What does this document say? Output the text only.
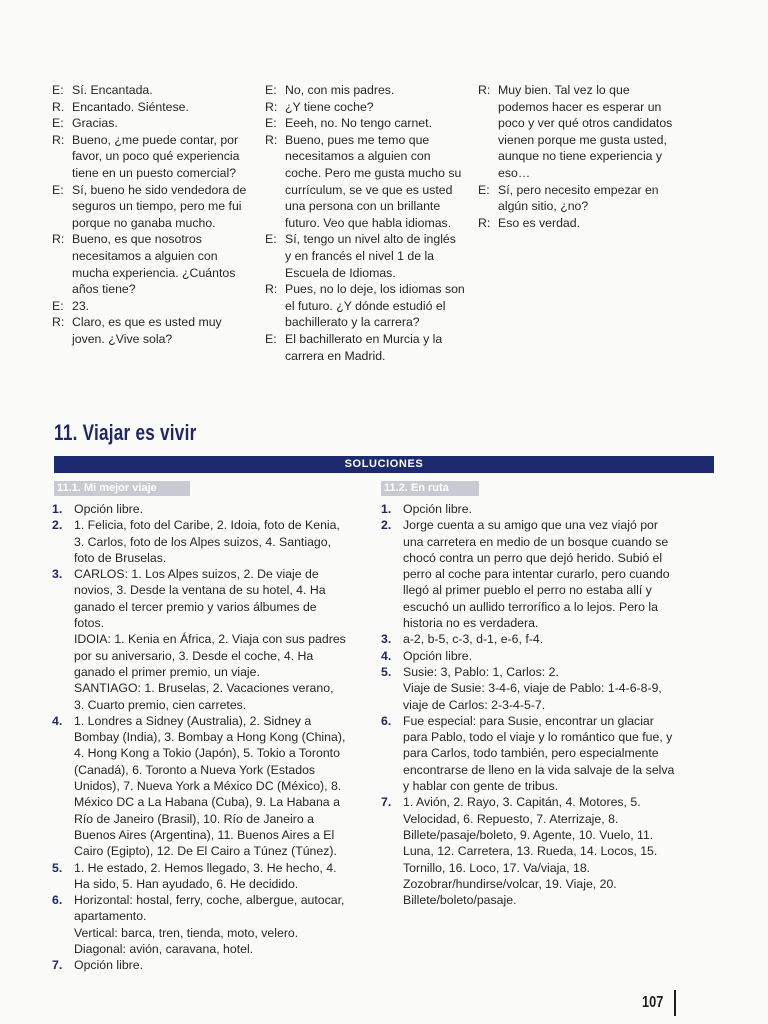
E: Sí. Encantada.
R. Encantado. Siéntese.
E: Gracias.
R: Bueno, ¿me puede contar, por favor, un poco qué experiencia tiene en un puesto comercial?
E: Sí, bueno he sido vendedora de seguros un tiempo, pero me fui porque no ganaba mucho.
R: Bueno, es que nosotros necesitamos a alguien con mucha experiencia. ¿Cuántos años tiene?
E: 23.
R: Claro, es que es usted muy joven. ¿Vive sola?
E: No, con mis padres.
R: ¿Y tiene coche?
E: Eeeh, no. No tengo carnet.
R: Bueno, pues me temo que necesitamos a alguien con coche. Pero me gusta mucho su currículum, se ve que es usted una persona con un brillante futuro. Veo que habla idiomas.
E: Sí, tengo un nivel alto de inglés y en francés el nivel 1 de la Escuela de Idiomas.
R: Pues, no lo deje, los idiomas son el futuro. ¿Y dónde estudió el bachillerato y la carrera?
E: El bachillerato en Murcia y la carrera en Madrid.
R: Muy bien. Tal vez lo que podemos hacer es esperar un poco y ver qué otros candidatos vienen porque me gusta usted, aunque no tiene experiencia y eso…
E: Sí, pero necesito empezar en algún sitio, ¿no?
R: Eso es verdad.
11. Viajar es vivir
SOLUCIONES
11.1. Mi mejor viaje	11.2. En ruta
1. Opción libre.

2. 1. Felicia, foto del Caribe, 2. Idoia, foto de Kenia, 3. Carlos, foto de los Alpes suizos, 4. Santiago, foto de Bruselas.

3. CARLOS: 1. Los Alpes suizos, 2. De viaje de novios, 3. Desde la ventana de su hotel, 4. Ha ganado el tercer premio y varios álbumes de fotos.

IDOIA: 1. Kenia en África, 2. Viaja con sus padres por su aniversario, 3. Desde el coche, 4. Ha ganado el primer premio, un viaje.

SANTIAGO: 1. Bruselas, 2. Vacaciones verano, 3. Cuarto premio, cien carretes.

4. 1. Londres a Sidney (Australia), 2. Sidney a Bombay (India), 3. Bombay a Hong Kong (China), 4. Hong Kong a Tokio (Japón), 5. Tokio a Toronto (Canadá), 6. Toronto a Nueva York (Estados Unidos), 7. Nueva York a México DC (México), 8. México DC a La Habana (Cuba), 9. La Habana a Río de Janeiro (Brasil), 10. Río de Janeiro a Buenos Aires (Argentina), 11. Buenos Aires a El Cairo (Egipto), 12. De El Cairo a Túnez (Túnez).

5. 1. He estado, 2. Hemos llegado, 3. He hecho, 4. Ha sido, 5. Han ayudado, 6. He decidido.

6. Horizontal: hostal, ferry, coche, albergue, autocar, apartamento.

Vertical: barca, tren, tienda, moto, velero.

Diagonal: avión, caravana, hotel.

7. Opción libre.

1. Opción libre.

2. Jorge cuenta a su amigo que una vez viajó por una carretera en medio de un bosque cuando se chocó contra un perro que dejó herido. Subió el perro al coche para intentar curarlo, pero cuando llegó al primer pueblo el perro no estaba allí y escuchó un aullido terrorífico a lo lejos. Pero la historia no es verdadera.

3. a-2, b-5, c-3, d-1, e-6, f-4.

4. Opción libre.

5. Susie: 3, Pablo: 1, Carlos: 2.

Viaje de Susie: 3-4-6, viaje de Pablo: 1-4-6-8-9, viaje de Carlos: 2-3-4-5-7.

6. Fue especial: para Susie, encontrar un glaciar para Pablo, todo el viaje y lo romántico que fue, y para Carlos, todo también, pero especialmente encontrarse de lleno en la vida salvaje de la selva y hablar con gente de tribus.

7. 1. Avión, 2. Rayo, 3. Capitán, 4. Motores, 5. Velocidad, 6. Repuesto, 7. Aterrizaje, 8. Billete/pasaje/boleto, 9. Agente, 10. Vuelo, 11. Luna, 12. Carretera, 13. Rueda, 14. Locos, 15. Tornillo, 16. Loco, 17. Va/viaja, 18. Zozobrar/hundirse/volcar, 19. Viaje, 20. Billete/boleto/pasaje.

107
